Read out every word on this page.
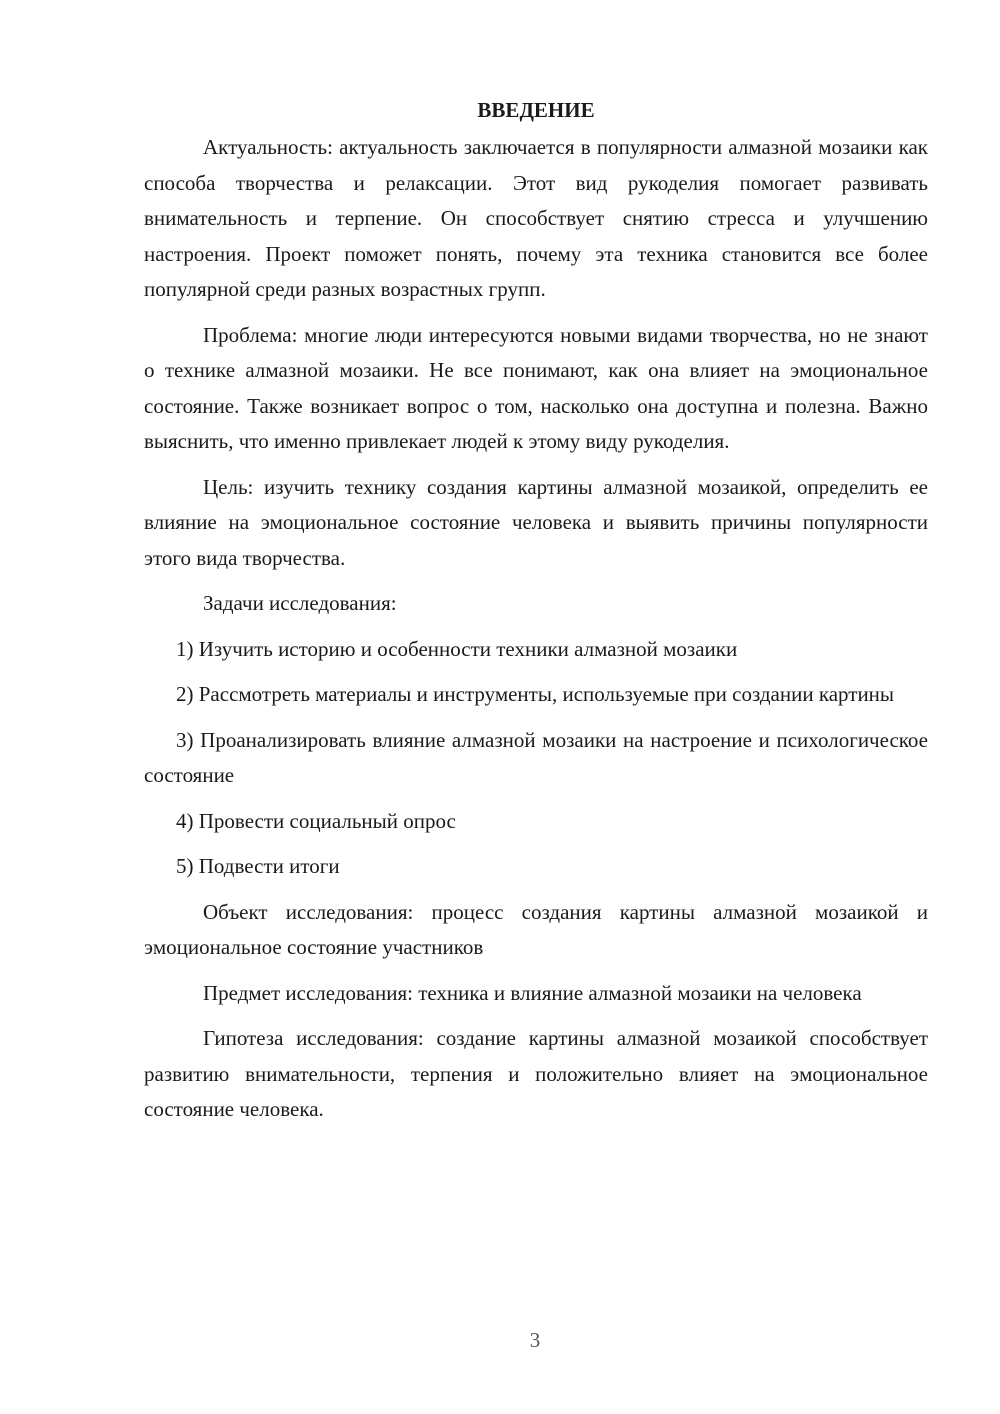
ВВЕДЕНИЕ

Актуальность: актуальность заключается в популярности алмазной мозаики как способа творчества и релаксации. Этот вид рукоделия помогает развивать внимательность и терпение. Он способствует снятию стресса и улучшению настроения. Проект поможет понять, почему эта техника становится все более популярной среди разных возрастных групп.

Проблема: многие люди интересуются новыми видами творчества, но не знают о технике алмазной мозаики. Не все понимают, как она влияет на эмоциональное состояние. Также возникает вопрос о том, насколько она доступна и полезна. Важно выяснить, что именно привлекает людей к этому виду рукоделия.

Цель: изучить технику создания картины алмазной мозаикой, определить ее влияние на эмоциональное состояние человека и выявить причины популярности этого вида творчества.

Задачи исследования:

1) Изучить историю и особенности техники алмазной мозаики

2) Рассмотреть материалы и инструменты, используемые при создании картины

3) Проанализировать влияние алмазной мозаики на настроение и психологическое состояние

4) Провести социальный опрос

5) Подвести итоги

Объект исследования: процесс создания картины алмазной мозаикой и эмоциональное состояние участников

Предмет исследования: техника и влияние алмазной мозаики на человека

Гипотеза исследования: создание картины алмазной мозаикой способствует развитию внимательности, терпения и положительно влияет на эмоциональное состояние человека.

3
